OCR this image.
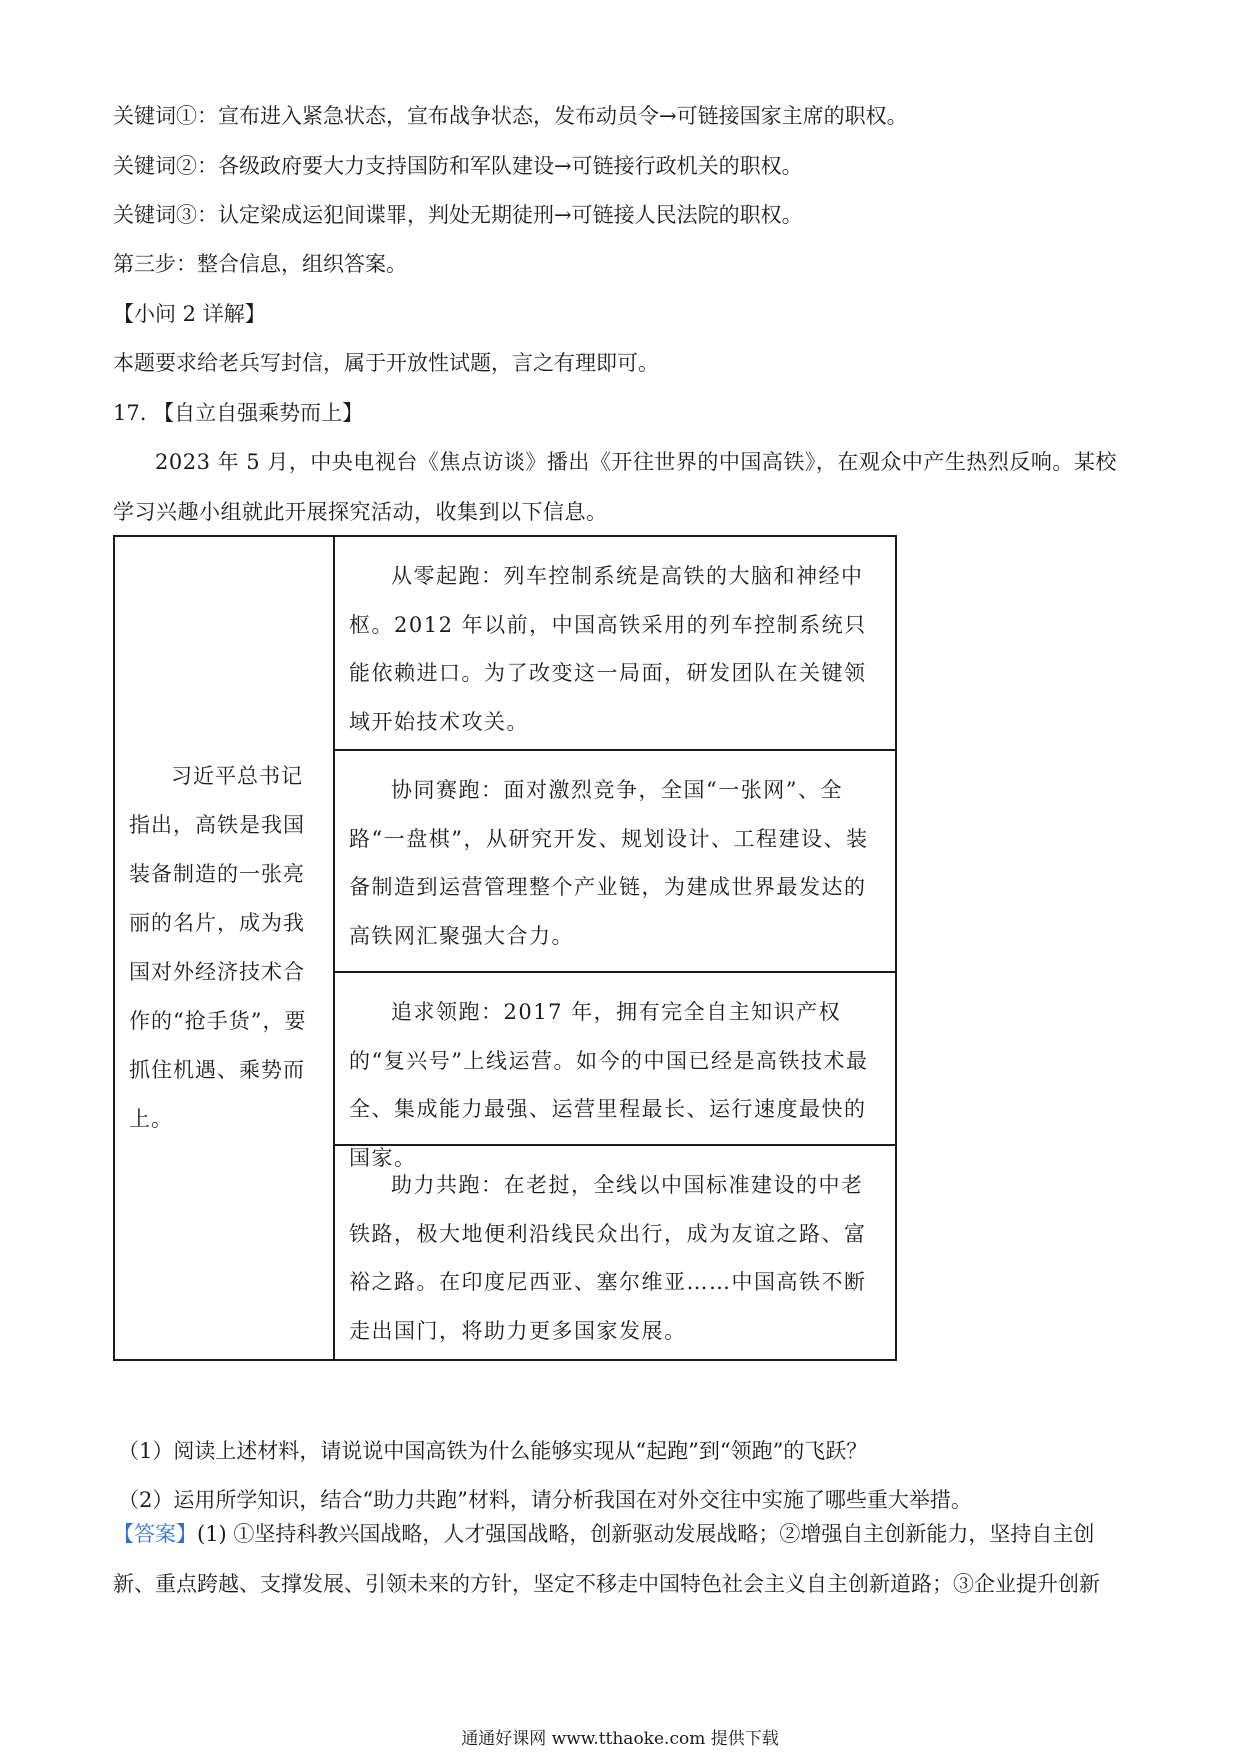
关键词①：宣布进入紧急状态，宣布战争状态，发布动员令→可链接国家主席的职权。

关键词②：各级政府要大力支持国防和军队建设→可链接行政机关的职权。

关键词③：认定梁成运犯间谍罪，判处无期徒刑→可链接人民法院的职权。

第三步：整合信息，组织答案。

【小问 2 详解】

本题要求给老兵写封信，属于开放性试题，言之有理即可。

17. 【自立自强乘势而上】

2023 年 5 月，中央电视台《焦点访谈》播出《开往世界的中国高铁》，在观众中产生热烈反响。某校学习兴趣小组就此开展探究活动，收集到以下信息。

习近平总书记指出，高铁是我国装备制造的一张亮丽的名片，成为我国对外经济技术合作的“抢手货”，要抓住机遇、乘势而上。

从零起跑：列车控制系统是高铁的大脑和神经中枢。2012 年以前，中国高铁采用的列车控制系统只能依赖进口。为了改变这一局面，研发团队在关键领域开始技术攻关。

协同赛跑：面对激烈竞争，全国“一张网”、全路“一盘棋”，从研究开发、规划设计、工程建设、装备制造到运营管理整个产业链，为建成世界最发达的高铁网汇聚强大合力。

追求领跑：2017 年，拥有完全自主知识产权的“复兴号”上线运营。如今的中国已经是高铁技术最全、集成能力最强、运营里程最长、运行速度最快的国家。

助力共跑：在老挝，全线以中国标准建设的中老铁路，极大地便利沿线民众出行，成为友谊之路、富裕之路。在印度尼西亚、塞尔维亚……中国高铁不断走出国门，将助力更多国家发展。

（1）阅读上述材料，请说说中国高铁为什么能够实现从“起跑”到“领跑”的飞跃？

（2）运用所学知识，结合“助力共跑”材料，请分析我国在对外交往中实施了哪些重大举措。

【答案】(1) ①坚持科教兴国战略，人才强国战略，创新驱动发展战略；②增强自主创新能力，坚持自主创新、重点跨越、支撑发展、引领未来的方针，坚定不移走中国特色社会主义自主创新道路；③企业提升创新

通通好课网 www.tthaoke.com 提供下载
